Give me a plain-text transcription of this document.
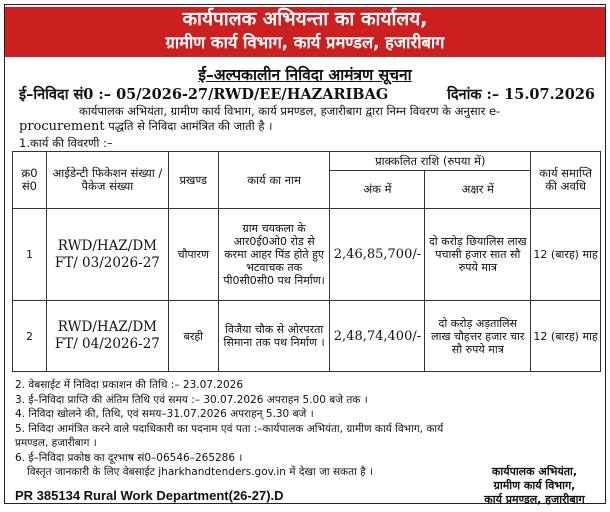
कार्यपालक अभियन्ता का कार्यालय,
ग्रामीण कार्य विभाग, कार्य प्रमण्डल, हजारीबाग
ई–अल्पकालीन निविदा आमंत्रण सूचना
ई–निविदा सं0 :– 05/2026-27/RWD/EE/HAZARIBAG	दिनांक :– 15.07.2026
कार्यपालक अभियंता, ग्रामीण कार्य विभाग, कार्य प्रमण्डल, हजारीबाग द्वारा निम्न विवरण के अनुसार e-
procurement पद्धति से निविदा आमंत्रित की जाती है ।
1.कार्य की विवरणी :–
क्र0 सं0	आईडेन्टी फिकेशन संख्या / पैकेज संख्या	प्रखण्ड	कार्य का नाम	प्राक्कलित राशि (रुपया में)		कार्य समाप्ति की अवधि
				अंक में	अक्षर में	
1	RWD/HAZ/DM FT/ 03/2026-27	चौपारण	ग्राम चयकला के आर0ई0ओ0 रोड से करमा आहर पिंड होते हुए भटवाचक तक पी0सी0सी0 पथ निर्माण।	2,46,85,700/-	दो करोड़ छियालिस लाख पचासी हजार सात सौ रुपये मात्र	12 (बारह) माह
2	RWD/HAZ/DM FT/ 04/2026-27	बरही	विजैया चौक से ओरपरता सिमाना तक पथ निर्माण ।	2,48,74,400/-	दो करोड़ अड़तालिस लाख चौहत्तर हजार चार सौ रुपये मात्र	12 (बारह) माह

2. वेबसाईट में निविदा प्रकाशन की तिथि :– 23.07.2026

3. ई–निविदा प्राप्ति की अंतिम तिथि एवं समय :– 30.07.2026 अपराहन 5.00 बजे तक ।

4. निविदा खोलने की, तिथि, एवं समय–31.07.2026 अपराहन् 5.30 बजे ।

5. निविदा आमंत्रित करने वाले पदाधिकारी का पदनाम एवं पता :–कार्यपालक अभियंता, ग्रामीण कार्य विभाग, कार्य प्रमण्डल, हजारीबाग ।

6. ई–निविदा प्रकोष्ठ का दूरभाष सं0–06546–265286 ।

विस्तृत जानकारी के लिए वेबसाईट jharkhandtenders.gov.in में देखा जा सकता है ।	कार्यपालक अभियंता,
ग्रामीण कार्य विभाग,
कार्य प्रमण्डल, हजारीबाग
PR 385134 Rural Work Department(26-27).D
